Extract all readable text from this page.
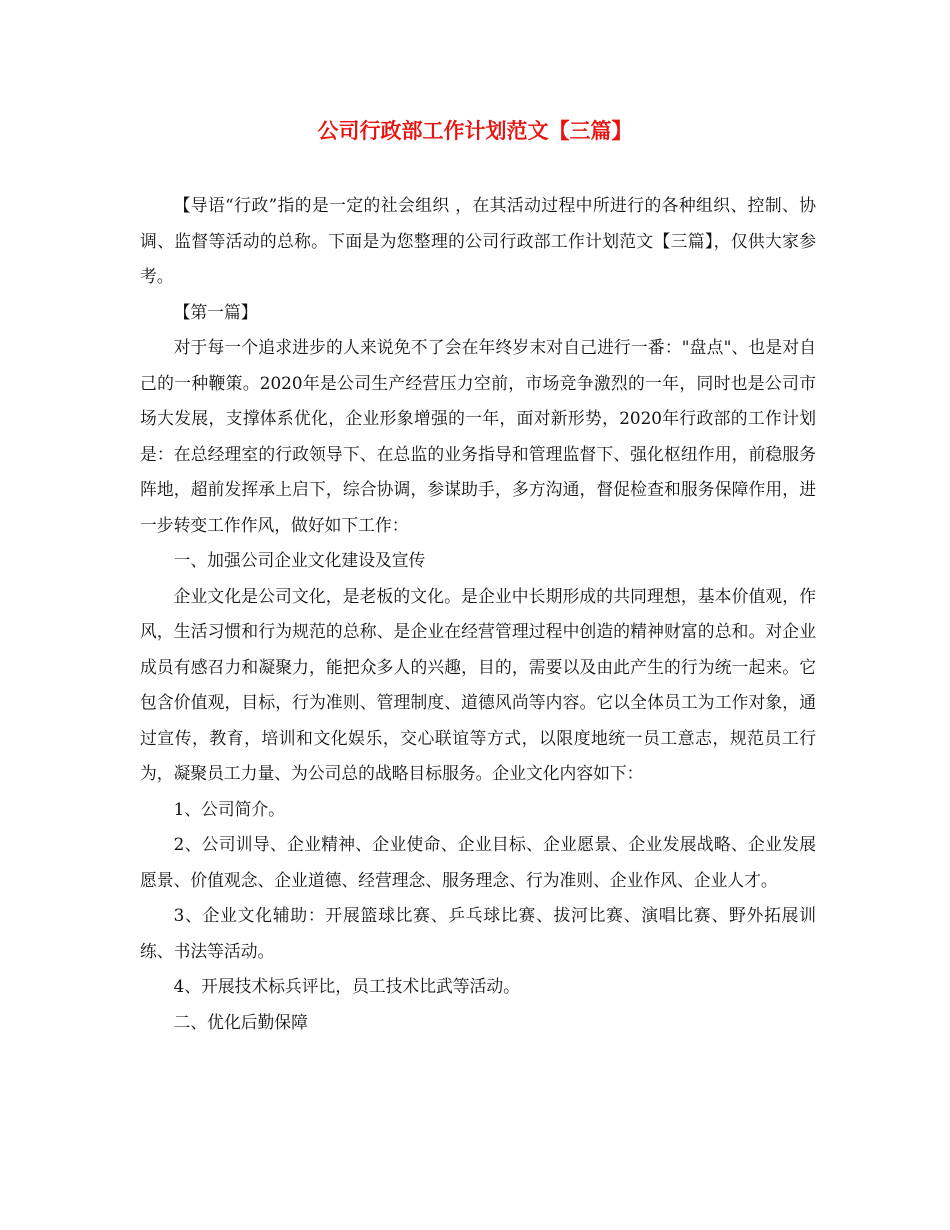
公司行政部工作计划范文【三篇】

【导语“行政”指的是一定的社会组织 ，在其活动过程中所进行的各种组织、控制、协调、监督等活动的总称。下面是为您整理的公司行政部工作计划范文【三篇】，仅供大家参考。

【第一篇】

对于每一个追求进步的人来说免不了会在年终岁末对自己进行一番："盘点"、也是对自己的一种鞭策。2020年是公司生产经营压力空前，市场竞争激烈的一年，同时也是公司市场大发展，支撑体系优化，企业形象增强的一年，面对新形势，2020年行政部的工作计划是：在总经理室的行政领导下、在总监的业务指导和管理监督下、强化枢纽作用，前稳服务阵地，超前发挥承上启下，综合协调，参谋助手，多方沟通，督促检查和服务保障作用，进一步转变工作作风，做好如下工作：

一、加强公司企业文化建设及宣传

企业文化是公司文化，是老板的文化。是企业中长期形成的共同理想，基本价值观，作风，生活习惯和行为规范的总称、是企业在经营管理过程中创造的精神财富的总和。对企业成员有感召力和凝聚力，能把众多人的兴趣，目的，需要以及由此产生的行为统一起来。它包含价值观，目标，行为准则、管理制度、道德风尚等内容。它以全体员工为工作对象，通过宣传，教育，培训和文化娱乐，交心联谊等方式，以限度地统一员工意志，规范员工行为，凝聚员工力量、为公司总的战略目标服务。企业文化内容如下：

1、公司简介。

2、公司训导、企业精神、企业使命、企业目标、企业愿景、企业发展战略、企业发展愿景、价值观念、企业道德、经营理念、服务理念、行为准则、企业作风、企业人才。

3、企业文化辅助：开展篮球比赛、乒乓球比赛、拔河比赛、演唱比赛、野外拓展训练、书法等活动。

4、开展技术标兵评比，员工技术比武等活动。

二、优化后勤保障
